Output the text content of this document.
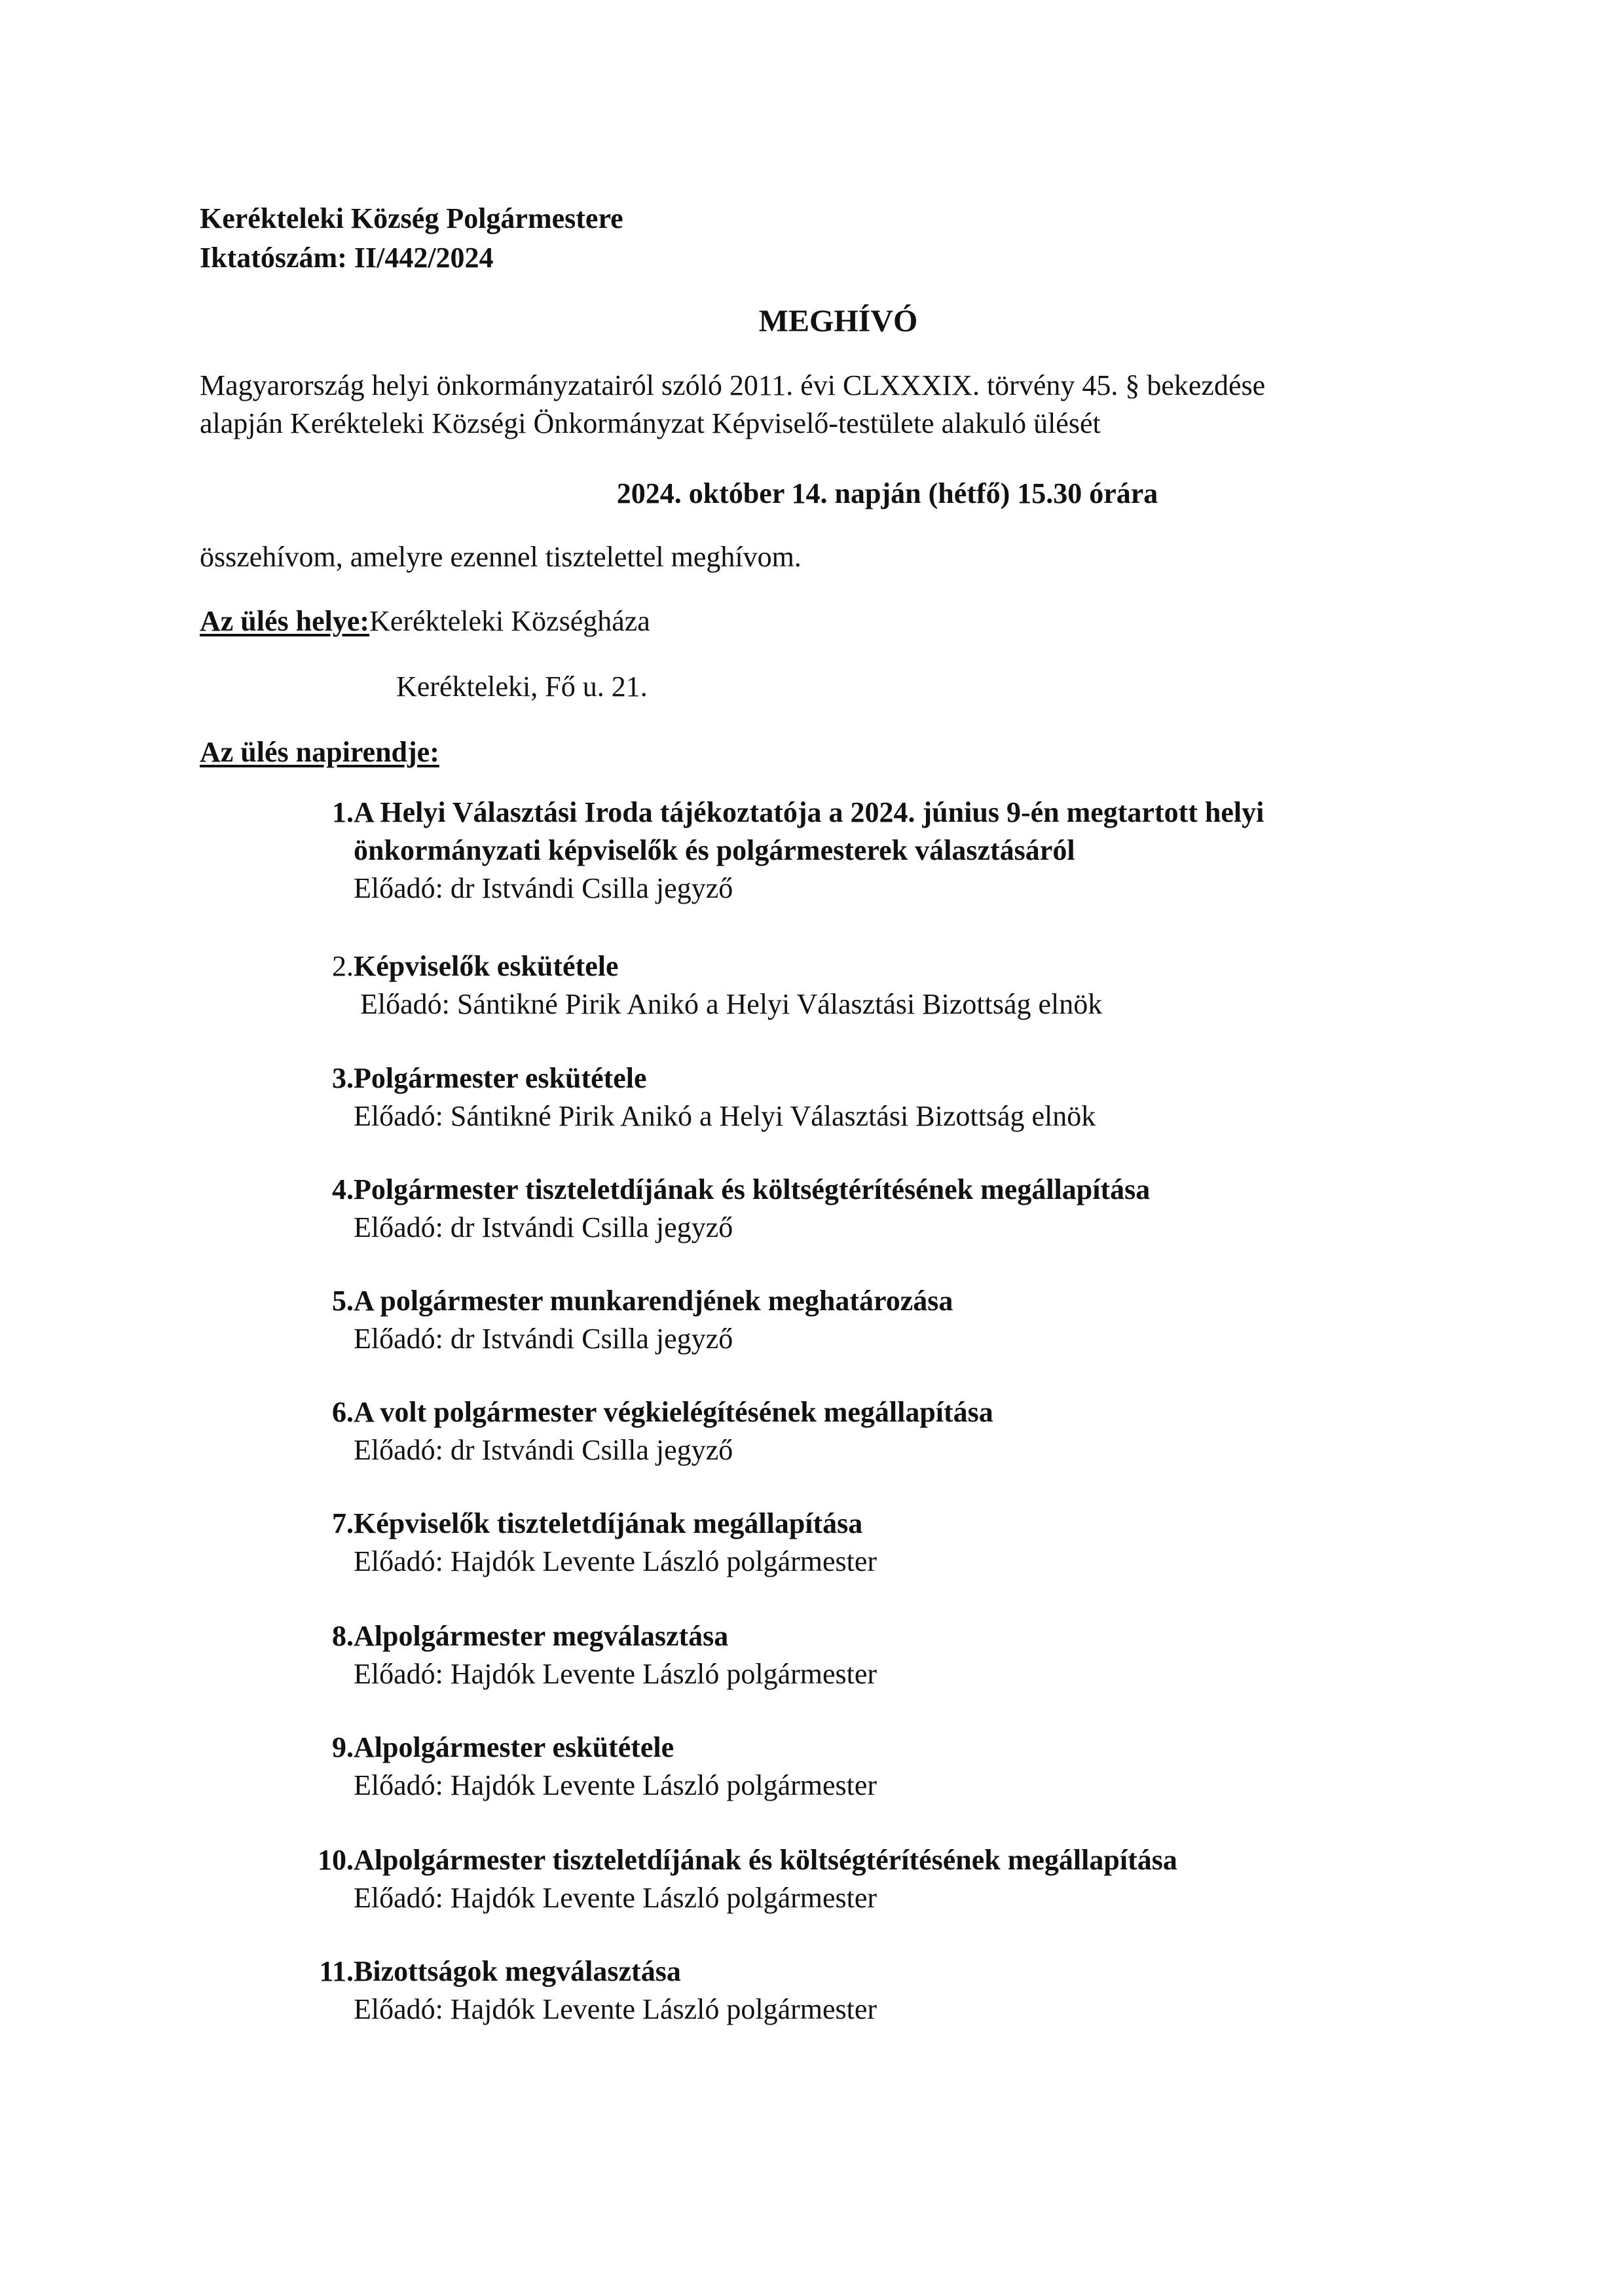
Kerékteleki Község Polgármestere
Iktatószám: II/442/2024
MEGHÍVÓ
Magyarország helyi önkormányzatairól szóló 2011. évi CLXXXIX. törvény 45. § bekezdése
alapján Kerékteleki Községi Önkormányzat Képviselő-testülete alakuló ülését
2024. október 14. napján (hétfő) 15.30 órára
összehívom, amelyre ezennel tisztelettel meghívom.
Az ülés helye:Kerékteleki Községháza
Kerékteleki, Fő u. 21.
Az ülés napirendje:
1. A Helyi Választási Iroda tájékoztatója a 2024. június 9-én megtartott helyi
önkormányzati képviselők és polgármesterek választásáról
Előadó: dr Istvándi Csilla jegyző
2. Képviselők eskütétele
Előadó: Sántikné Pirik Anikó a Helyi Választási Bizottság elnök
3. Polgármester eskütétele
Előadó: Sántikné Pirik Anikó a Helyi Választási Bizottság elnök
4. Polgármester tiszteletdíjának és költségtérítésének megállapítása
Előadó: dr Istvándi Csilla jegyző
5. A polgármester munkarendjének meghatározása
Előadó: dr Istvándi Csilla jegyző
6. A volt polgármester végkielégítésének megállapítása
Előadó: dr Istvándi Csilla jegyző
7. Képviselők tiszteletdíjának megállapítása
Előadó: Hajdók Levente László polgármester
8. Alpolgármester megválasztása
Előadó: Hajdók Levente László polgármester
9. Alpolgármester eskütétele
Előadó: Hajdók Levente László polgármester
10. Alpolgármester tiszteletdíjának és költségtérítésének megállapítása
Előadó: Hajdók Levente László polgármester
11. Bizottságok megválasztása
Előadó: Hajdók Levente László polgármester
